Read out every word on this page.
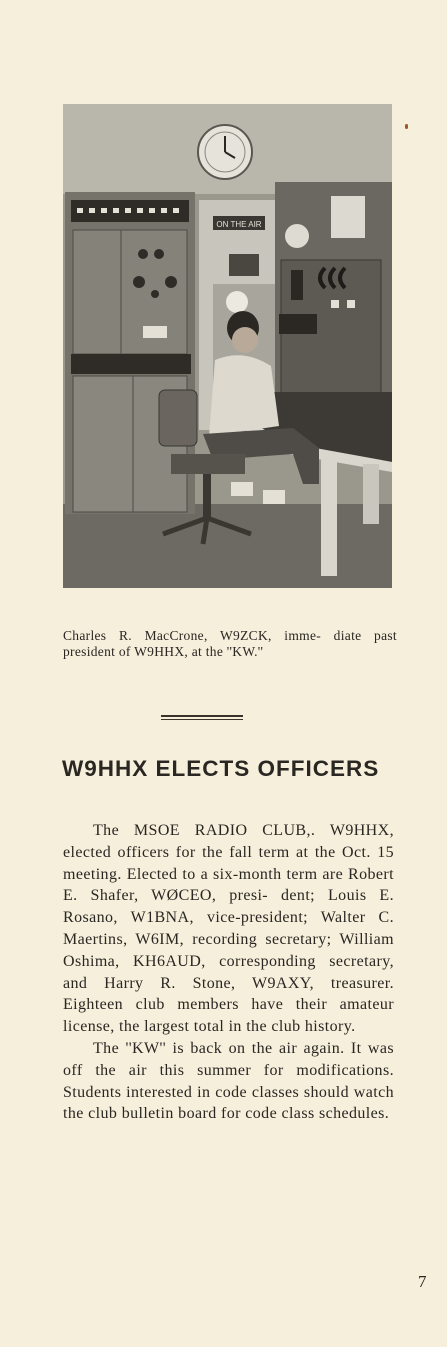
ON THE AIR
Charles R. MacCrone, W9ZCK, imme- diate past president of W9HHX, at the ''KW.''
W9HHX ELECTS OFFICERS

The MSOE RADIO CLUB,. W9HHX, elected officers for the fall term at the Oct. 15 meeting. Elected to a six-month term are Robert E. Shafer, WØCEO, presi- dent; Louis E. Rosano, W1BNA, vice-president; Walter C. Maertins, W6IM, recording secretary; William Oshima, KH6AUD, corresponding secretary, and Harry R. Stone, W9AXY, treasurer. Eighteen club members have their amateur license, the largest total in the club history.

The ''KW'' is back on the air again. It was off the air this summer for modifications. Students interested in code classes should watch the club bulletin board for code class schedules.

7
